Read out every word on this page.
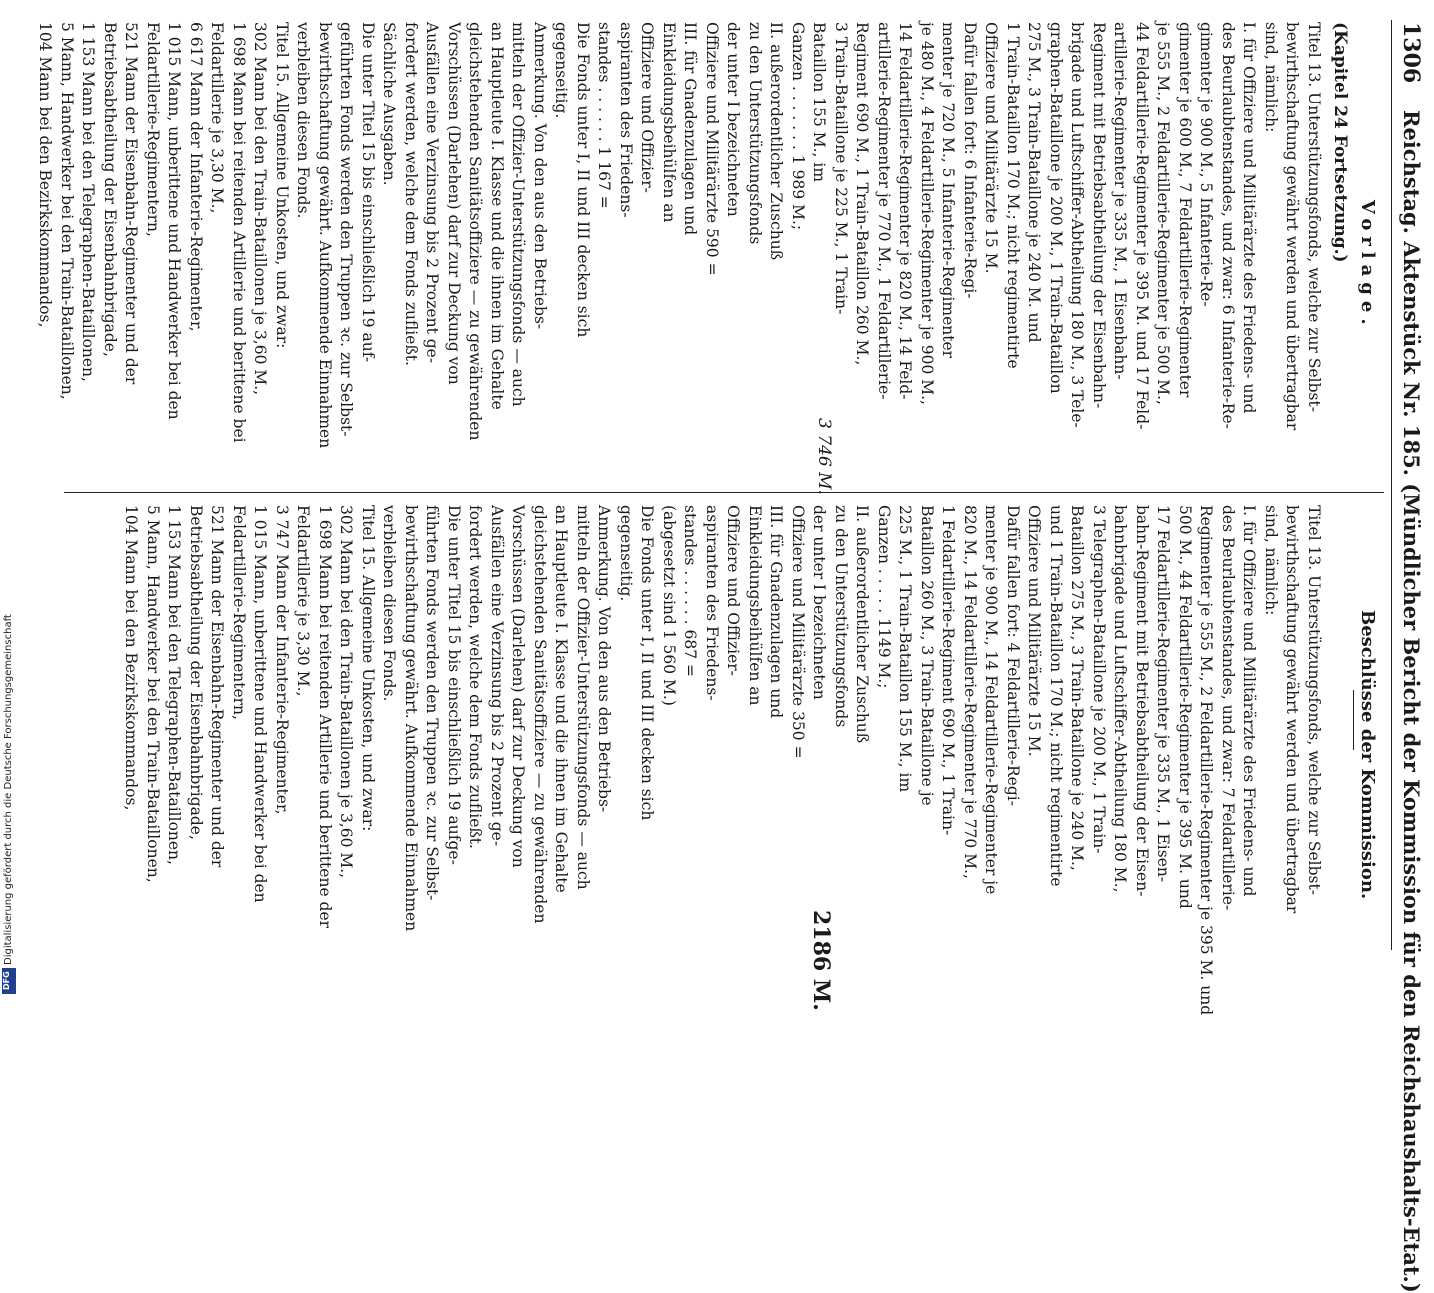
1306
Reichstag. Aktenstück Nr. 185. (Mündlicher Bericht der Kommission für den Reichshaushalts-Etat.)
Vorlage.
(Kapitel 24 Fortsetzung.)
Titel 13. Unterstützungsfonds, welche zur Selbst-
bewirthschaftung gewährt werden und übertragbar
sind, nämlich:
I. für Offiziere und Militärärzte des Friedens- und
des Beurlaubtenstandes, und zwar: 6 Infanterie-Re-
gimenter je 900 M., 5 Infanterie-Re-
gimenter je 600 M., 7 Feldartillerie-Regimenter
je 555 M., 2 Feldartillerie-Regimenter je 500 M.,
44 Feldartillerie-Regimenter je 395 M. und 17 Feld-
artillerie-Regimenter je 335 M., 1 Eisenbahn-
Regiment mit Betriebsabtheilung der Eisenbahn-
brigade und Luftschiffer-Abtheilung 180 M., 3 Tele-
graphen-Bataillone je 200 M., 1 Train-Bataillon
275 M., 3 Train-Bataillone je 240 M. und
1 Train-Bataillon 170 M.; nicht regimentirte
Offiziere und Militärärzte 15 M.
Dafür fallen fort: 6 Infanterie-Regi-
menter je 720 M., 5 Infanterie-Regimenter
je 480 M., 4 Feldartillerie-Regimenter je 900 M.,
14 Feldartillerie-Regimenter je 820 M., 14 Feld-
artillerie-Regimenter je 770 M., 1 Feldartillerie-
Regiment 690 M., 1 Train-Bataillon 260 M.,
3 Train-Bataillone je 225 M., 1 Train-
Bataillon 155 M., im
Ganzen . . . . . . . 1 989 M.;
II. außerordentlicher Zuschuß
zu den Unterstützungsfonds
der unter I bezeichneten
Offiziere und Militärärzte 590 =
III. für Gnadenzulagen und
Einkleidungsbeihülfen an
Offiziere und Offizier-
aspiranten des Friedens-
standes . . . . . . 1 167 =
Die Fonds unter I, II und III decken sich
gegenseitig.
Anmerkung. Von den aus den Betriebs-
mitteln der Offizier-Unterstützungsfonds — auch
an Hauptleute I. Klasse und die ihnen im Gehalte
gleichstehenden Sanitätsoffiziere — zu gewährenden
Vorschüssen (Darlehen) darf zur Deckung von
Ausfällen eine Verzinsung bis 2 Prozent ge-
fordert werden, welche dem Fonds zufließt.
Sächliche Ausgaben.
Die unter Titel 15 bis einschließlich 19 auf-
geführten Fonds werden den Truppen ꝛc. zur Selbst-
bewirthschaftung gewährt. Aufkommende Einnahmen
verbleiben diesen Fonds.
Titel 15. Allgemeine Unkosten, und zwar:
302 Mann bei den Train-Bataillonen je 3,60 M.,
1 698 Mann bei reitenden Artillerie und berittene bei
Feldartillerie je 3,30 M.,
6 617 Mann der Infanterie-Regimenter,
1 015 Mann, unberittene und Handwerker bei den
Feldartillerie-Regimentern,
521 Mann der Eisenbahn-Regimenter und der
Betriebsabtheilung der Eisenbahnbrigade,
1 153 Mann bei den Telegraphen-Bataillonen,
5 Mann, Handwerker bei den Train-Bataillonen,
104 Mann bei den Bezirkskommandos,
3 746 M.
Beschlüsse der Kommission.
Titel 13. Unterstützungsfonds, welche zur Selbst-
bewirthschaftung gewährt werden und übertragbar
sind, nämlich:
I. für Offiziere und Militärärzte des Friedens- und
des Beurlaubtenstandes, und zwar: 7 Feldartillerie-
Regimenter je 555 M., 2 Feldartillerie-Regimenter je 395 M. und
500 M., 44 Feldartillerie-Regimenter je 395 M. und
17 Feldartillerie-Regimenter je 335 M., 1 Eisen-
bahn-Regiment mit Betriebsabtheilung der Eisen-
bahnbrigade und Luftschiffer-Abtheilung 180 M.,
3 Telegraphen-Bataillone je 200 M., 1 Train-
Bataillon 275 M., 3 Train-Bataillone je 240 M.,
und 1 Train-Bataillon 170 M.; nicht regimentirte
Offiziere und Militärärzte 15 M.
Dafür fallen fort: 4 Feldartillerie-Regi-
menter je 900 M., 14 Feldartillerie-Regimenter je
820 M., 14 Feldartillerie-Regimenter je 770 M.,
1 Feldartillerie-Regiment 690 M., 1 Train-
Bataillon 260 M., 3 Train-Bataillone je
225 M., 1 Train-Bataillon 155 M., im
Ganzen . . . . . 1149 M.;
II. außerordentlicher Zuschuß
zu den Unterstützungsfonds
der unter I bezeichneten
Offiziere und Militärärzte 350 =
III. für Gnadenzulagen und
Einkleidungsbeihülfen an
Offiziere und Offizier-
aspiranten des Friedens-
standes . . . . . . 687 =
(abgesetzt sind 1 560 M.)
Die Fonds unter I, II und III decken sich
gegenseitig.
Anmerkung. Von den aus den Betriebs-
mitteln der Offizier-Unterstützungsfonds — auch
an Hauptleute I. Klasse und die ihnen im Gehalte
gleichstehenden Sanitätsoffiziere — zu gewährenden
Vorschüssen (Darlehen) darf zur Deckung von
Ausfällen eine Verzinsung bis 2 Prozent ge-
fordert werden, welche dem Fonds zufließt.
Die unter Titel 15 bis einschließlich 19 aufge-
führten Fonds werden den Truppen ꝛc. zur Selbst-
bewirthschaftung gewährt. Aufkommende Einnahmen
verbleiben diesen Fonds.
Titel 15. Allgemeine Unkosten, und zwar:
302 Mann bei den Train-Bataillonen je 3,60 M.,
1 698 Mann bei reitenden Artillerie und berittene der
Feldartillerie je 3,30 M.,
3 747 Mann der Infanterie-Regimenter,
1 015 Mann, unberittene und Handwerker bei den
Feldartillerie-Regimentern,
521 Mann der Eisenbahn-Regimenter und der
Betriebsabtheilung der Eisenbahnbrigade,
1 153 Mann bei den Telegraphen-Bataillonen,
5 Mann, Handwerker bei den Train-Bataillonen,
104 Mann bei den Bezirkskommandos,
2186 M.
Digitalisierung gefördert durch die Deutsche Forschungsgemeinschaft
DFG
